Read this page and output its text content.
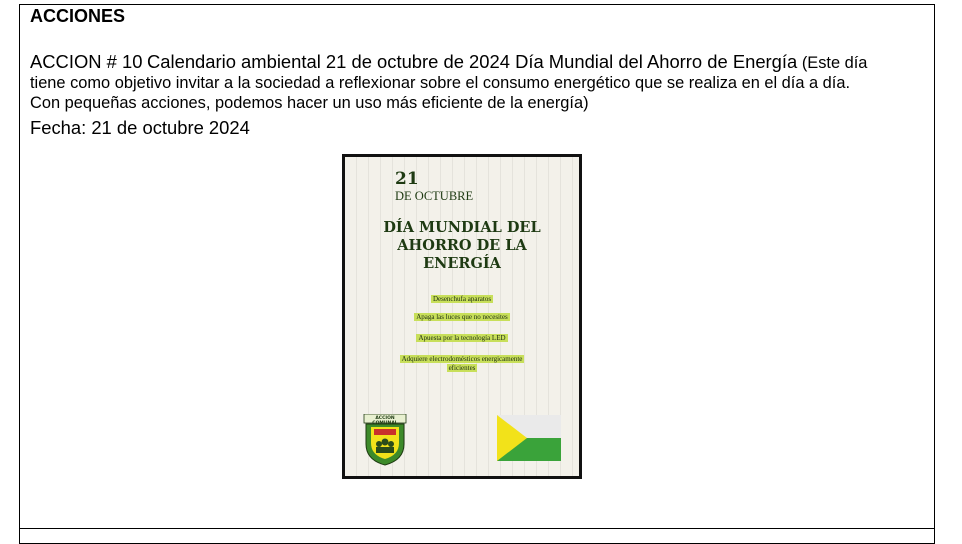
ACCIONES
ACCION # 10 Calendario ambiental 21 de octubre de 2024 Día Mundial del Ahorro de Energía (Este día
tiene como objetivo invitar a la sociedad a reflexionar sobre el consumo energético que se realiza en el día a día.
Con pequeñas acciones, podemos hacer un uso más eficiente de la energía)
Fecha: 21 de octubre 2024
21
DE OCTUBRE
DÍA MUNDIAL DEL
AHORRO DE LA
ENERGÍA
Desenchufa aparatos
Apaga las luces que no necesites
Apuesta por la tecnología LED
Adquiere electrodomésticos energicamente
eficientes
ACCION COMUNAL
